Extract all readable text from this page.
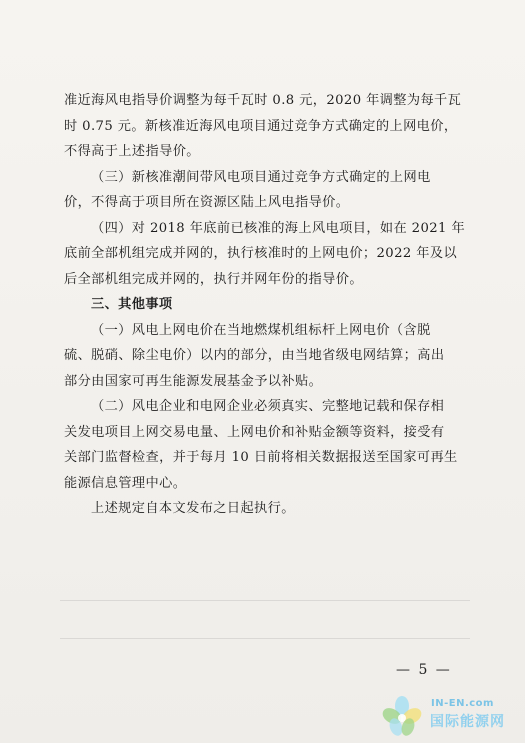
准近海风电指导价调整为每千瓦时 0.8 元，2020 年调整为每千瓦
时 0.75 元。新核准近海风电项目通过竞争方式确定的上网电价，
不得高于上述指导价。
（三）新核准潮间带风电项目通过竞争方式确定的上网电
价，不得高于项目所在资源区陆上风电指导价。
（四）对 2018 年底前已核准的海上风电项目，如在 2021 年
底前全部机组完成并网的，执行核准时的上网电价；2022 年及以
后全部机组完成并网的，执行并网年份的指导价。
三、其他事项
（一）风电上网电价在当地燃煤机组标杆上网电价（含脱
硫、脱硝、除尘电价）以内的部分，由当地省级电网结算；高出
部分由国家可再生能源发展基金予以补贴。
（二）风电企业和电网企业必须真实、完整地记载和保存相
关发电项目上网交易电量、上网电价和补贴金额等资料，接受有
关部门监督检查，并于每月 10 日前将相关数据报送至国家可再生
能源信息管理中心。
上述规定自本文发布之日起执行。
— 5 —
IN-EN.com
国际能源网
